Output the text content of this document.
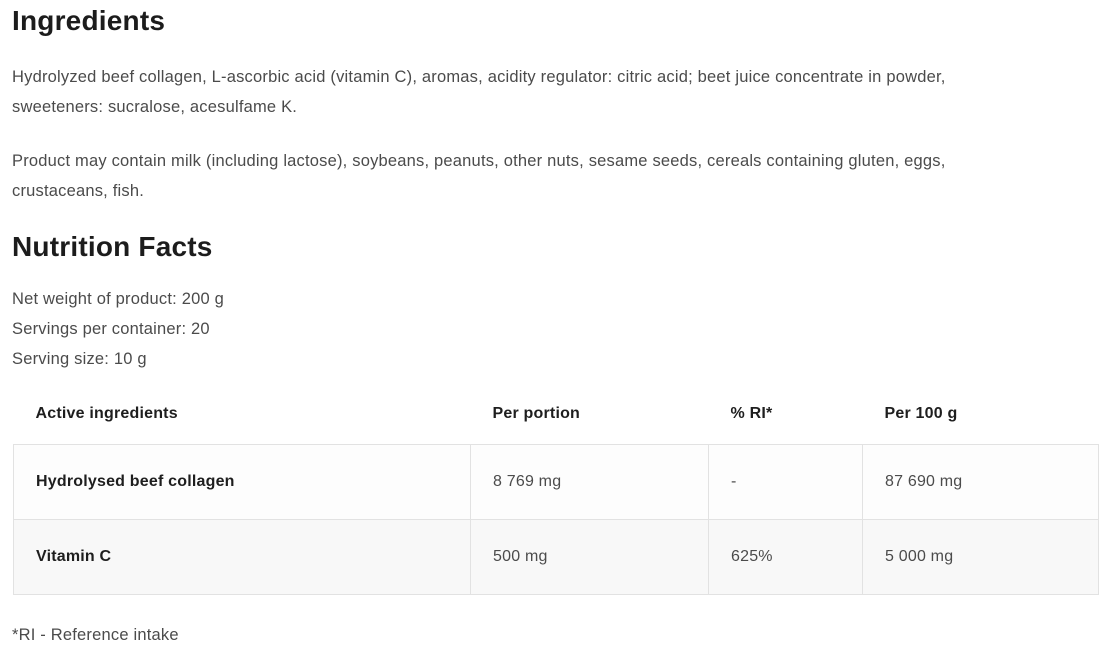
Ingredients
Hydrolyzed beef collagen, L-ascorbic acid (vitamin C), aromas, acidity regulator: citric acid; beet juice concentrate in powder,
sweeteners: sucralose, acesulfame K.
Product may contain milk (including lactose), soybeans, peanuts, other nuts, sesame seeds, cereals containing gluten, eggs,
crustaceans, fish.
Nutrition Facts
Net weight of product: 200 g
Servings per container: 20
Serving size: 10 g
Active ingredients	Per portion	% RI*	Per 100 g
Hydrolysed beef collagen	8 769 mg	-	87 690 mg
Vitamin C	500 mg	625%	5 000 mg
*RI - Reference intake
